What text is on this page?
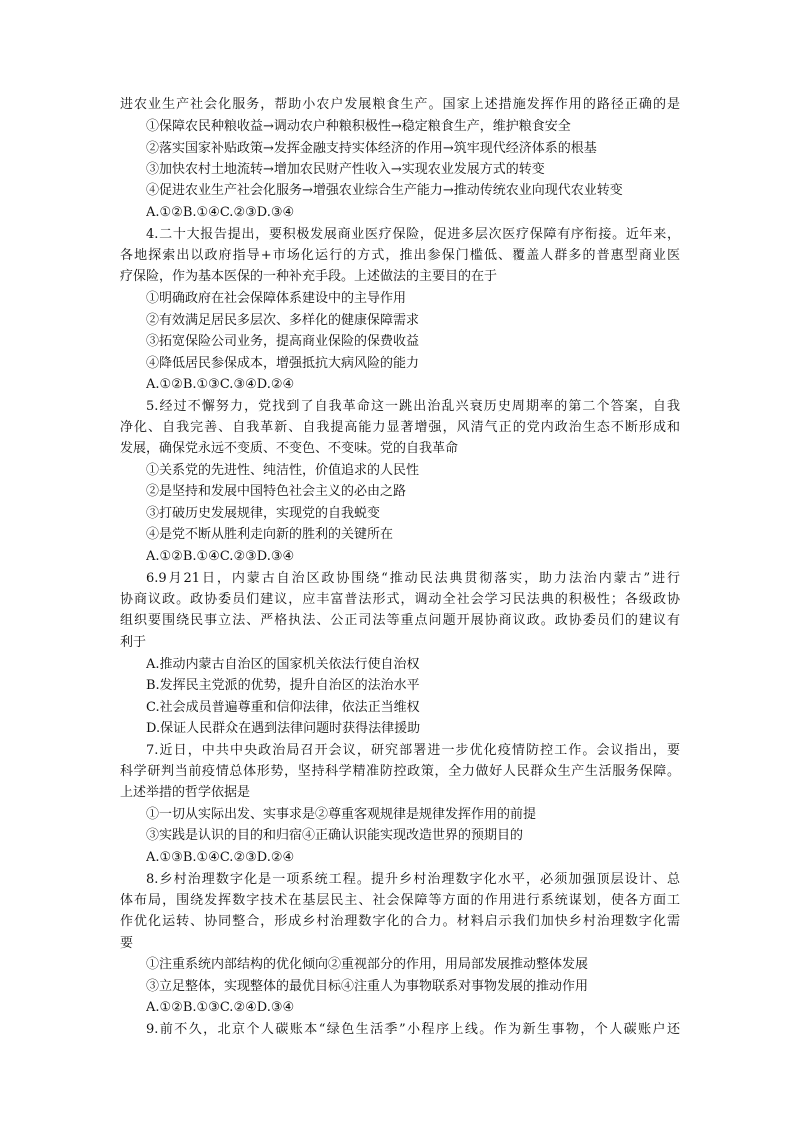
进农业生产社会化服务，帮助小农户发展粮食生产。国家上述措施发挥作用的路径正确的是
①保障农民种粮收益→调动农户种粮积极性→稳定粮食生产，维护粮食安全
②落实国家补贴政策→发挥金融支持实体经济的作用→筑牢现代经济体系的根基
③加快农村土地流转→增加农民财产性收入→实现农业发展方式的转变
④促进农业生产社会化服务→增强农业综合生产能力→推动传统农业向现代农业转变
A.①②B.①④C.②③D.③④
4.二十大报告提出，要积极发展商业医疗保险，促进多层次医疗保障有序衔接。近年来，
各地探索出以政府指导+市场化运行的方式，推出参保门槛低、覆盖人群多的普惠型商业医
疗保险，作为基本医保的一种补充手段。上述做法的主要目的在于
①明确政府在社会保障体系建设中的主导作用
②有效满足居民多层次、多样化的健康保障需求
③拓宽保险公司业务，提高商业保险的保费收益
④降低居民参保成本，增强抵抗大病风险的能力
A.①②B.①③C.③④D.②④
5.经过不懈努力，党找到了自我革命这一跳出治乱兴衰历史周期率的第二个答案，自我
净化、自我完善、自我革新、自我提高能力显著增强，风清气正的党内政治生态不断形成和
发展，确保党永远不变质、不变色、不变味。党的自我革命
①关系党的先进性、纯洁性，价值追求的人民性
②是坚持和发展中国特色社会主义的必由之路
③打破历史发展规律，实现党的自我蜕变
④是党不断从胜利走向新的胜利的关键所在
A.①②B.①④C.②③D.③④
6.9月21日，内蒙古自治区政协围绕“推动民法典贯彻落实，助力法治内蒙古”进行
协商议政。政协委员们建议，应丰富普法形式，调动全社会学习民法典的积极性；各级政协
组织要围绕民事立法、严格执法、公正司法等重点问题开展协商议政。政协委员们的建议有
利于
A.推动内蒙古自治区的国家机关依法行使自治权
B.发挥民主党派的优势，提升自治区的法治水平
C.社会成员普遍尊重和信仰法律，依法正当维权
D.保证人民群众在遇到法律问题时获得法律援助
7.近日，中共中央政治局召开会议，研究部署进一步优化疫情防控工作。会议指出，要
科学研判当前疫情总体形势，坚持科学精准防控政策，全力做好人民群众生产生活服务保障。
上述举措的哲学依据是
①一切从实际出发、实事求是②尊重客观规律是规律发挥作用的前提
③实践是认识的目的和归宿④正确认识能实现改造世界的预期目的
A.①③B.①④C.②③D.②④
8.乡村治理数字化是一项系统工程。提升乡村治理数字化水平，必须加强顶层设计、总
体布局，围绕发挥数字技术在基层民主、社会保障等方面的作用进行系统谋划，使各方面工
作优化运转、协同整合，形成乡村治理数字化的合力。材料启示我们加快乡村治理数字化需
要
①注重系统内部结构的优化倾向②重视部分的作用，用局部发展推动整体发展
③立足整体，实现整体的最优目标④注重人为事物联系对事物发展的推动作用
A.①②B.①③C.②④D.③④
9.前不久，北京个人碳账本“绿色生活季”小程序上线。作为新生事物，个人碳账户还
